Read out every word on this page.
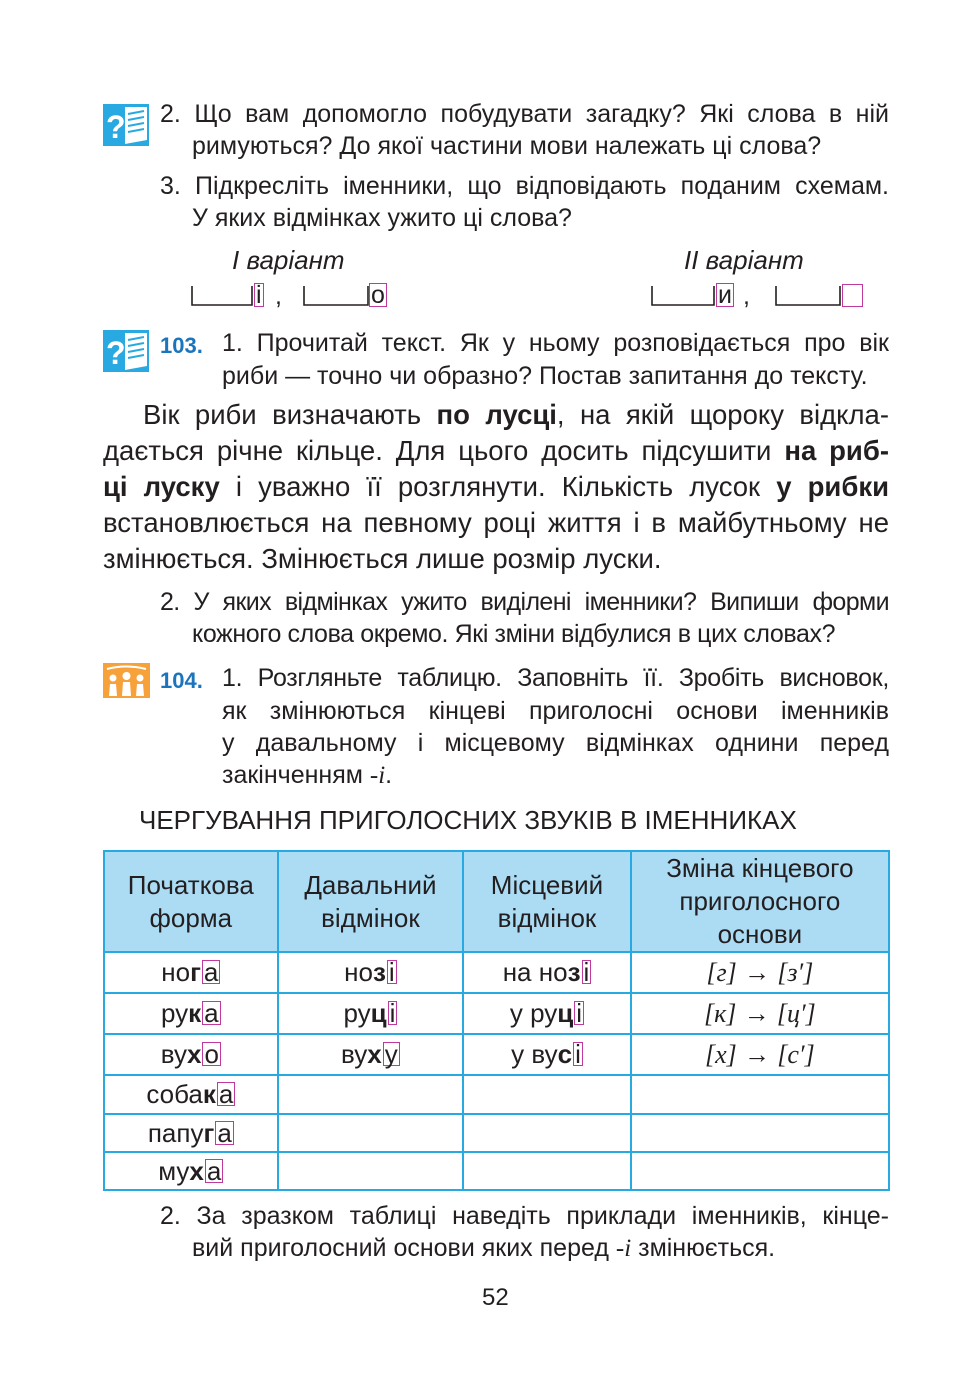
? 2. Що вам допомогло побудувати загадку? Які слова в ній
римуються? До якої частини мови належать ці слова?
3. Підкресліть іменники, що відповідають поданим схемам.
У яких відмінках ужито ці слова?
І варіант	ІІ варіант
і ,	о	и ,
? 103. 1. Прочитай текст. Як у ньому розповідається про вік
риби — точно чи образно? Постав запитання до тексту.
Вік риби визначають по лусці, на якій щороку відкла-
дається річне кільце. Для цього досить підсушити на риб-
ці луску і уважно її розглянути. Кількість лусок у рибки
встановлюється на певному році життя і в майбутньому не
змінюється. Змінюється лише розмір луски.
2. У яких відмінках ужито виділені іменники? Випиши форми
кожного слова окремо. Які зміни відбулися в цих словах?
104. 1. Розгляньте таблицю. Заповніть її. Зробіть висновок,
як змінюються кінцеві приголосні основи іменників
у давальному і місцевому відмінках однини перед
закінченням -і.
ЧЕРГУВАННЯ ПРИГОЛОСНИХ ЗВУКІВ В ІМЕННИКАХ
Початкова
форма	Давальний
відмінок	Місцевий
відмінок	Зміна кінцевого
приголосного
основи
ног а	ноз і	на ноз і	[г] → [з′]
рук а	руц і	у руц і	[к] → [ц′]
вух о	вух у	у вус і	[х] → [с′]
собак а			
папуг а			
мух а			
2. За зразком таблиці наведіть приклади іменників, кінце-
вий приголосний основи яких перед -і змінюється.
52
